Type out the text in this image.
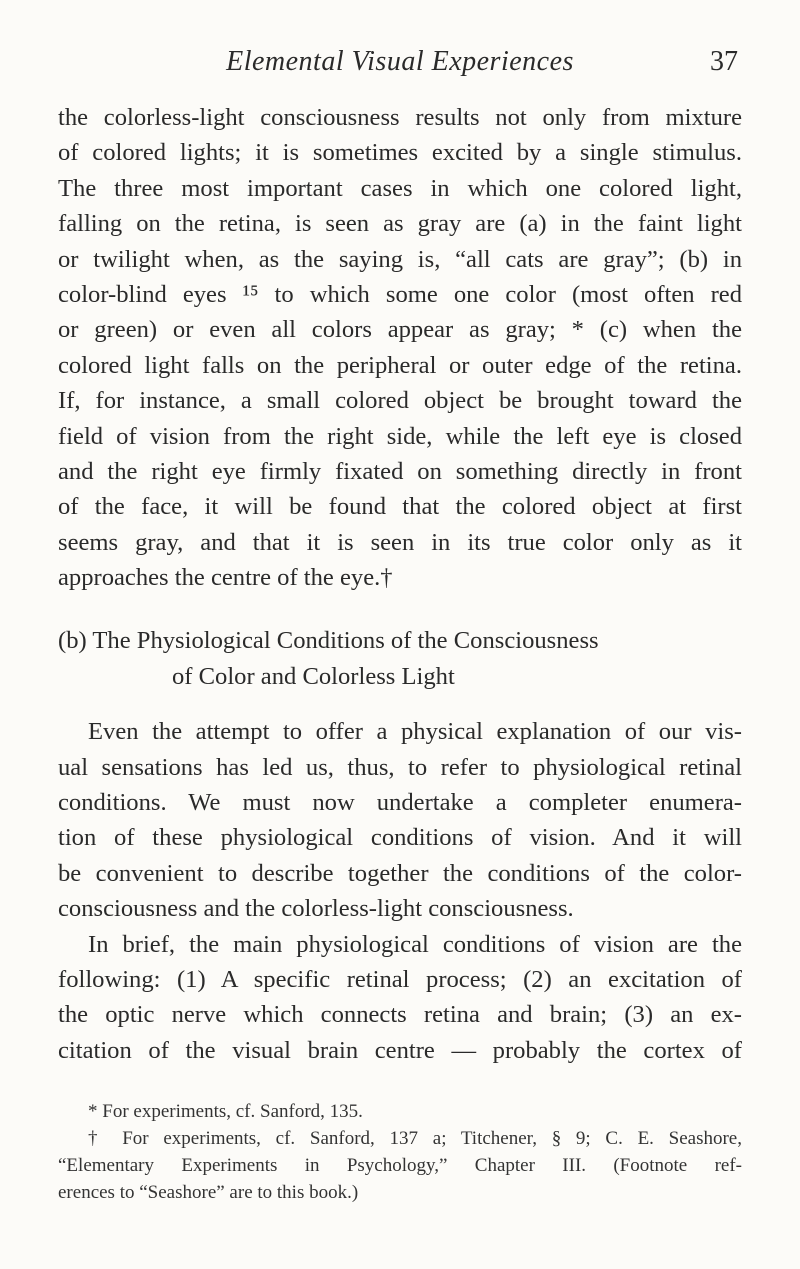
Elemental Visual Experiences	37
the colorless-light consciousness results not only from mixture
of colored lights; it is sometimes excited by a single stimulus.
The three most important cases in which one colored light,
falling on the retina, is seen as gray are (a) in the faint light
or twilight when, as the saying is, “all cats are gray”; (b) in
color-blind eyes ¹⁵ to which some one color (most often red
or green) or even all colors appear as gray; * (c) when the
colored light falls on the peripheral or outer edge of the retina.
If, for instance, a small colored object be brought toward the
field of vision from the right side, while the left eye is closed
and the right eye firmly fixated on something directly in front
of the face, it will be found that the colored object at first
seems gray, and that it is seen in its true color only as it
approaches the centre of the eye.†
(b) The Physiological Conditions of the Consciousness
of Color and Colorless Light
Even the attempt to offer a physical explanation of our vis-
ual sensations has led us, thus, to refer to physiological retinal
conditions. We must now undertake a completer enumera-
tion of these physiological conditions of vision. And it will
be convenient to describe together the conditions of the color-
consciousness and the colorless-light consciousness.
In brief, the main physiological conditions of vision are the
following: (1) A specific retinal process; (2) an excitation of
the optic nerve which connects retina and brain; (3) an ex-
citation of the visual brain centre — probably the cortex of
* For experiments, cf. Sanford, 135.
† For experiments, cf. Sanford, 137 a; Titchener, § 9; C. E. Seashore,
“Elementary Experiments in Psychology,” Chapter III. (Footnote ref-
erences to “Seashore” are to this book.)
